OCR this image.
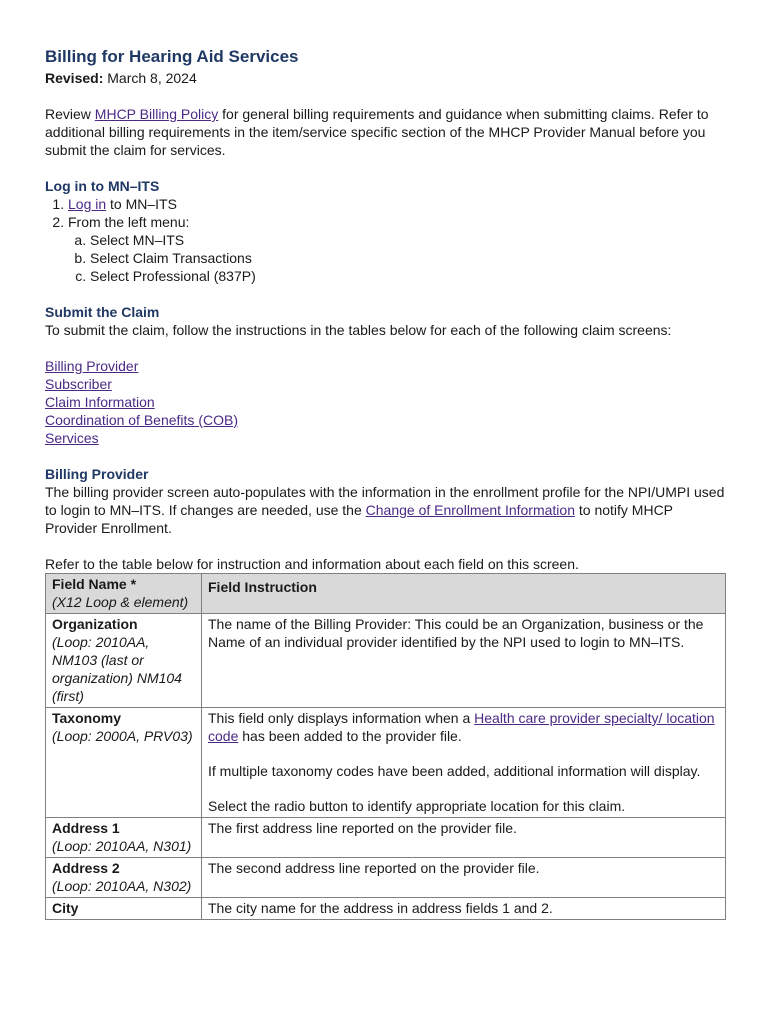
Billing for Hearing Aid Services

Revised: March 8, 2024

Review MHCP Billing Policy for general billing requirements and guidance when submitting claims. Refer to additional billing requirements in the item/service specific section of the MHCP Provider Manual before you submit the claim for services.

Log in to MN–ITS
1. Log in to MN–ITS
2. From the left menu:
a. Select MN–ITS
b. Select Claim Transactions
c. Select Professional (837P)
Submit the Claim

To submit the claim, follow the instructions in the tables below for each of the following claim screens:

Billing Provider
Subscriber
Claim Information
Coordination of Benefits (COB)
Services
Billing Provider

The billing provider screen auto-populates with the information in the enrollment profile for the NPI/UMPI used to login to MN–ITS. If changes are needed, use the Change of Enrollment Information to notify MHCP Provider Enrollment.

Refer to the table below for instruction and information about each field on this screen.

Field Name *
(X12 Loop & element)	Field Instruction

Organization
(Loop: 2010AA, NM103 (last or organization) NM104 (first)	The name of the Billing Provider: This could be an Organization, business or the Name of an individual provider identified by the NPI used to login to MN–ITS.

Taxonomy
(Loop: 2000A, PRV03)	This field only displays information when a Health care provider specialty/ location code has been added to the provider file.
If multiple taxonomy codes have been added, additional information will display.
Select the radio button to identify appropriate location for this claim.

Address 1
(Loop: 2010AA, N301)	The first address line reported on the provider file.

Address 2
(Loop: 2010AA, N302)	The second address line reported on the provider file.

City	The city name for the address in address fields 1 and 2.
